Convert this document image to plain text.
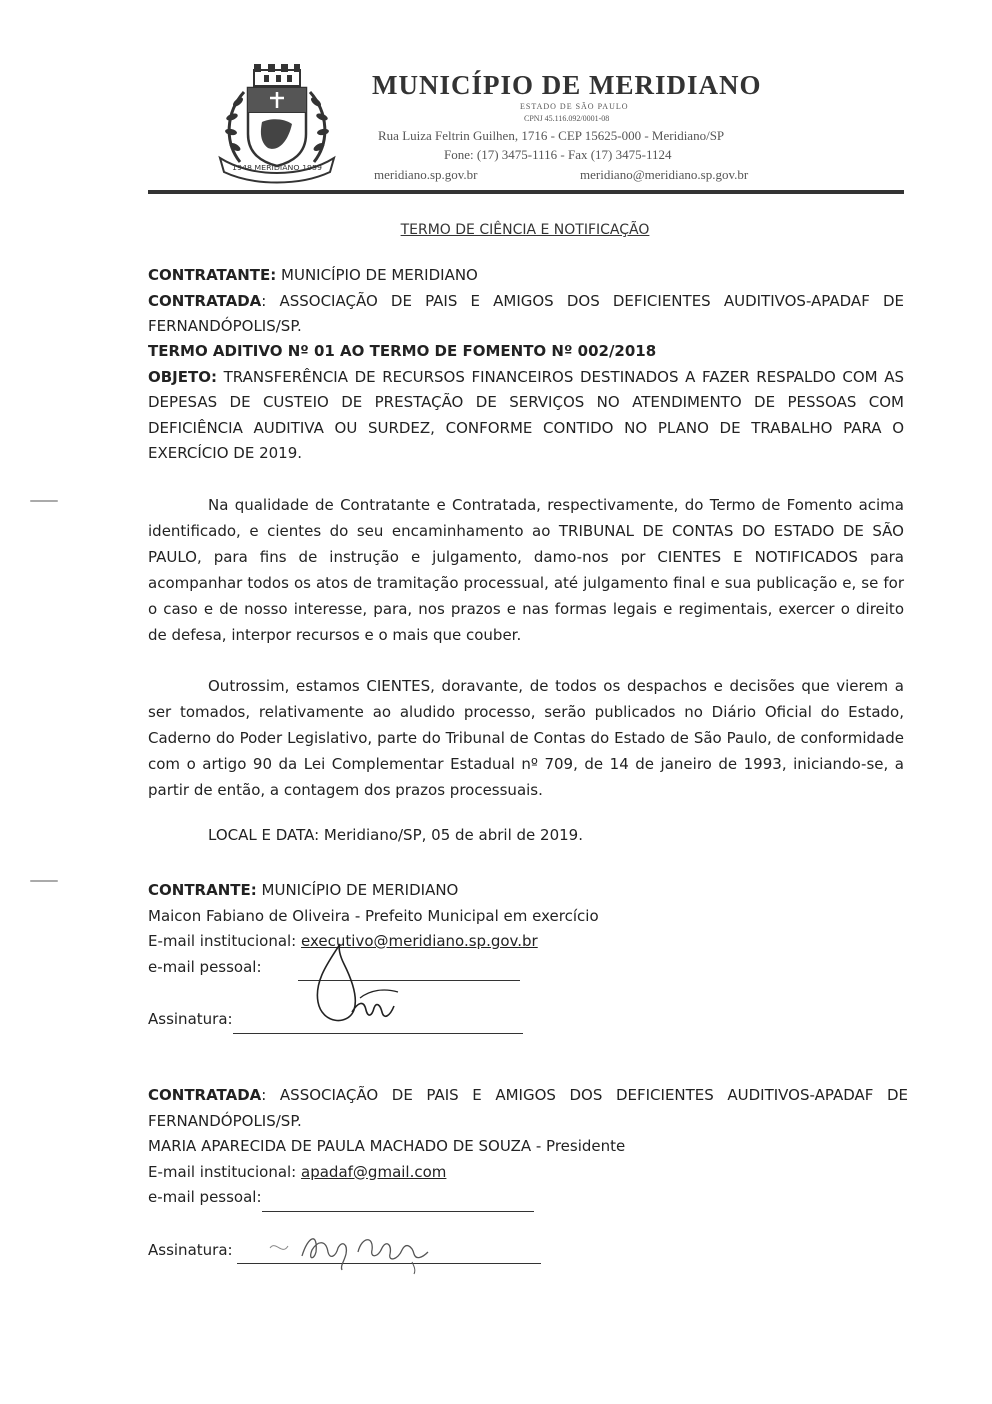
1948 MERIDIANO 1959
MUNICÍPIO DE MERIDIANO
ESTADO DE SÃO PAULO
CPNJ 45.116.092/0001-08
Rua Luiza Feltrin Guilhen, 1716 - CEP 15625-000 - Meridiano/SP
Fone: (17) 3475-1116 - Fax (17) 3475-1124
meridiano.sp.gov.br	meridiano@meridiano.sp.gov.br
TERMO DE CIÊNCIA E NOTIFICAÇÃO
CONTRATANTE: MUNICÍPIO DE MERIDIANO
CONTRATADA: ASSOCIAÇÃO DE PAIS E AMIGOS DOS DEFICIENTES AUDITIVOS-APADAF DE
FERNANDÓPOLIS/SP.
TERMO ADITIVO Nº 01 AO TERMO DE FOMENTO Nº 002/2018
OBJETO: TRANSFERÊNCIA DE RECURSOS FINANCEIROS DESTINADOS A FAZER RESPALDO COM AS DEPESAS DE CUSTEIO DE PRESTAÇÃO DE SERVIÇOS NO ATENDIMENTO DE PESSOAS COM DEFICIÊNCIA AUDITIVA OU SURDEZ, CONFORME CONTIDO NO PLANO DE TRABALHO PARA O EXERCÍCIO DE 2019.
Na qualidade de Contratante e Contratada, respectivamente, do Termo de Fomento acima identificado, e cientes do seu encaminhamento ao TRIBUNAL DE CONTAS DO ESTADO DE SÃO PAULO, para fins de instrução e julgamento, damo-nos por CIENTES E NOTIFICADOS para acompanhar todos os atos de tramitação processual, até julgamento final e sua publicação e, se for o caso e de nosso interesse, para, nos prazos e nas formas legais e regimentais, exercer o direito de defesa, interpor recursos e o mais que couber.
Outrossim, estamos CIENTES, doravante, de todos os despachos e decisões que vierem a ser tomados, relativamente ao aludido processo, serão publicados no Diário Oficial do Estado, Caderno do Poder Legislativo, parte do Tribunal de Contas do Estado de São Paulo, de conformidade com o artigo 90 da Lei Complementar Estadual nº 709, de 14 de janeiro de 1993, iniciando-se, a partir de então, a contagem dos prazos processuais.
LOCAL E DATA: Meridiano/SP, 05 de abril de 2019.
CONTRANTE: MUNICÍPIO DE MERIDIANO
Maicon Fabiano de Oliveira - Prefeito Municipal em exercício
E-mail institucional: executivo@meridiano.sp.gov.br
e-mail pessoal:
Assinatura:
CONTRATADA: ASSOCIAÇÃO DE PAIS E AMIGOS DOS DEFICIENTES AUDITIVOS-APADAF DE
FERNANDÓPOLIS/SP.
MARIA APARECIDA DE PAULA MACHADO DE SOUZA - Presidente
E-mail institucional: apadaf@gmail.com
e-mail pessoal:
Assinatura:
